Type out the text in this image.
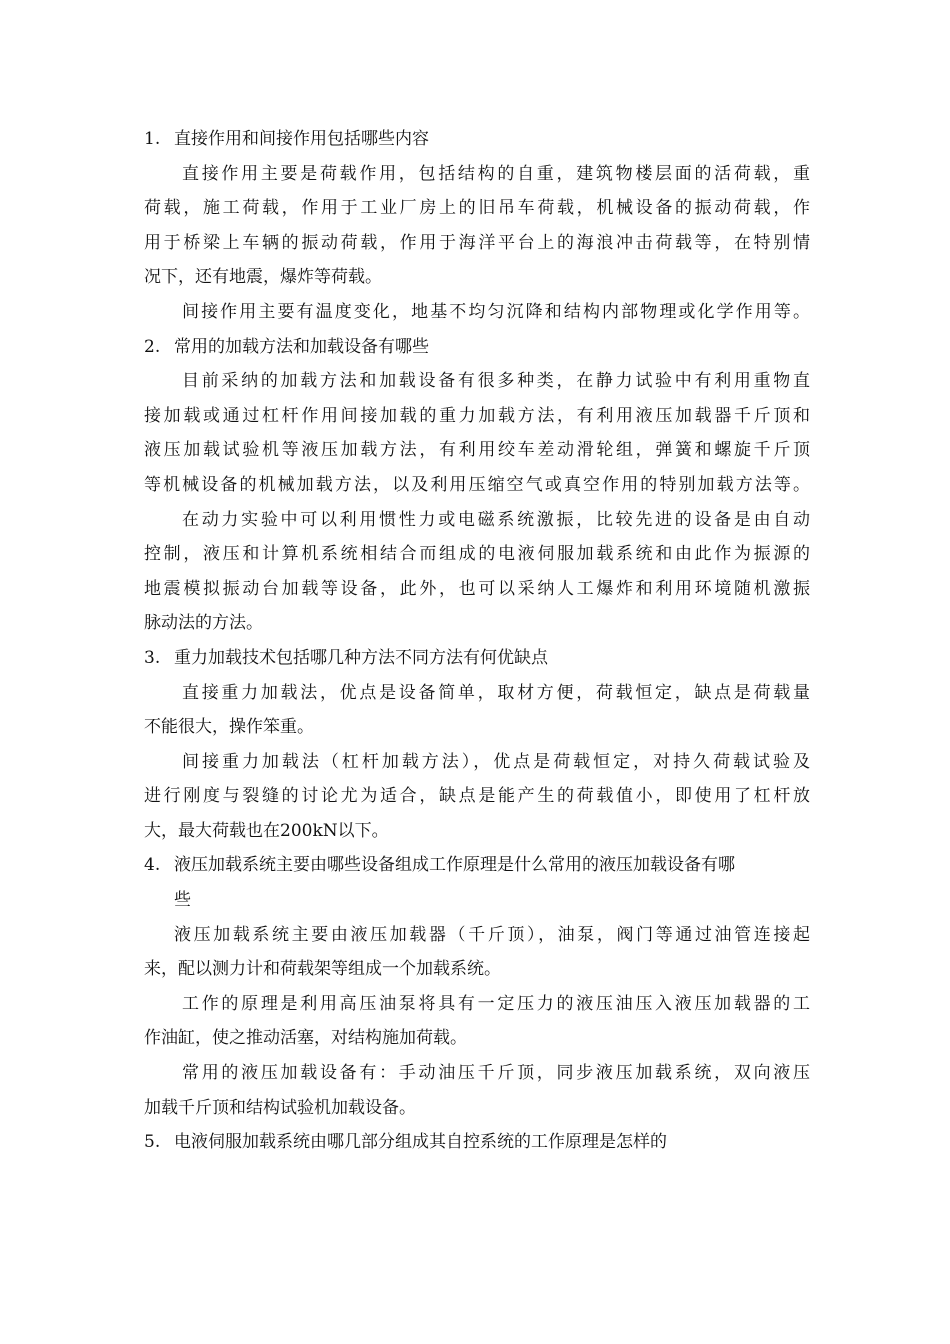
1. 直接作用和间接作用包括哪些内容
直接作用主要是荷载作用，包括结构的自重，建筑物楼层面的活荷载，重
荷载，施工荷载，作用于工业厂房上的旧吊车荷载，机械设备的振动荷载，作
用于桥梁上车辆的振动荷载，作用于海洋平台上的海浪冲击荷载等，在特别情
况下，还有地震，爆炸等荷载。
间接作用主要有温度变化，地基不均匀沉降和结构内部物理或化学作用等。
2. 常用的加载方法和加载设备有哪些
目前采纳的加载方法和加载设备有很多种类，在静力试验中有利用重物直
接加载或通过杠杆作用间接加载的重力加载方法，有利用液压加载器千斤顶和
液压加载试验机等液压加载方法，有利用绞车差动滑轮组，弹簧和螺旋千斤顶
等机械设备的机械加载方法，以及利用压缩空气或真空作用的特别加载方法等。
在动力实验中可以利用惯性力或电磁系统激振，比较先进的设备是由自动
控制，液压和计算机系统相结合而组成的电液伺服加载系统和由此作为振源的
地震模拟振动台加载等设备，此外，也可以采纳人工爆炸和利用环境随机激振
脉动法的方法。
3. 重力加载技术包括哪几种方法不同方法有何优缺点
直接重力加载法，优点是设备简单，取材方便，荷载恒定，缺点是荷载量
不能很大，操作笨重。
间接重力加载法（杠杆加载方法），优点是荷载恒定，对持久荷载试验及
进行刚度与裂缝的讨论尤为适合，缺点是能产生的荷载值小，即使用了杠杆放
大，最大荷载也在200kN以下。
4. 液压加载系统主要由哪些设备组成工作原理是什么常用的液压加载设备有哪
些
液压加载系统主要由液压加载器（千斤顶），油泵，阀门等通过油管连接起
来，配以测力计和荷载架等组成一个加载系统。
工作的原理是利用高压油泵将具有一定压力的液压油压入液压加载器的工
作油缸，使之推动活塞，对结构施加荷载。
常用的液压加载设备有：手动油压千斤顶，同步液压加载系统，双向液压
加载千斤顶和结构试验机加载设备。
5. 电液伺服加载系统由哪几部分组成其自控系统的工作原理是怎样的
